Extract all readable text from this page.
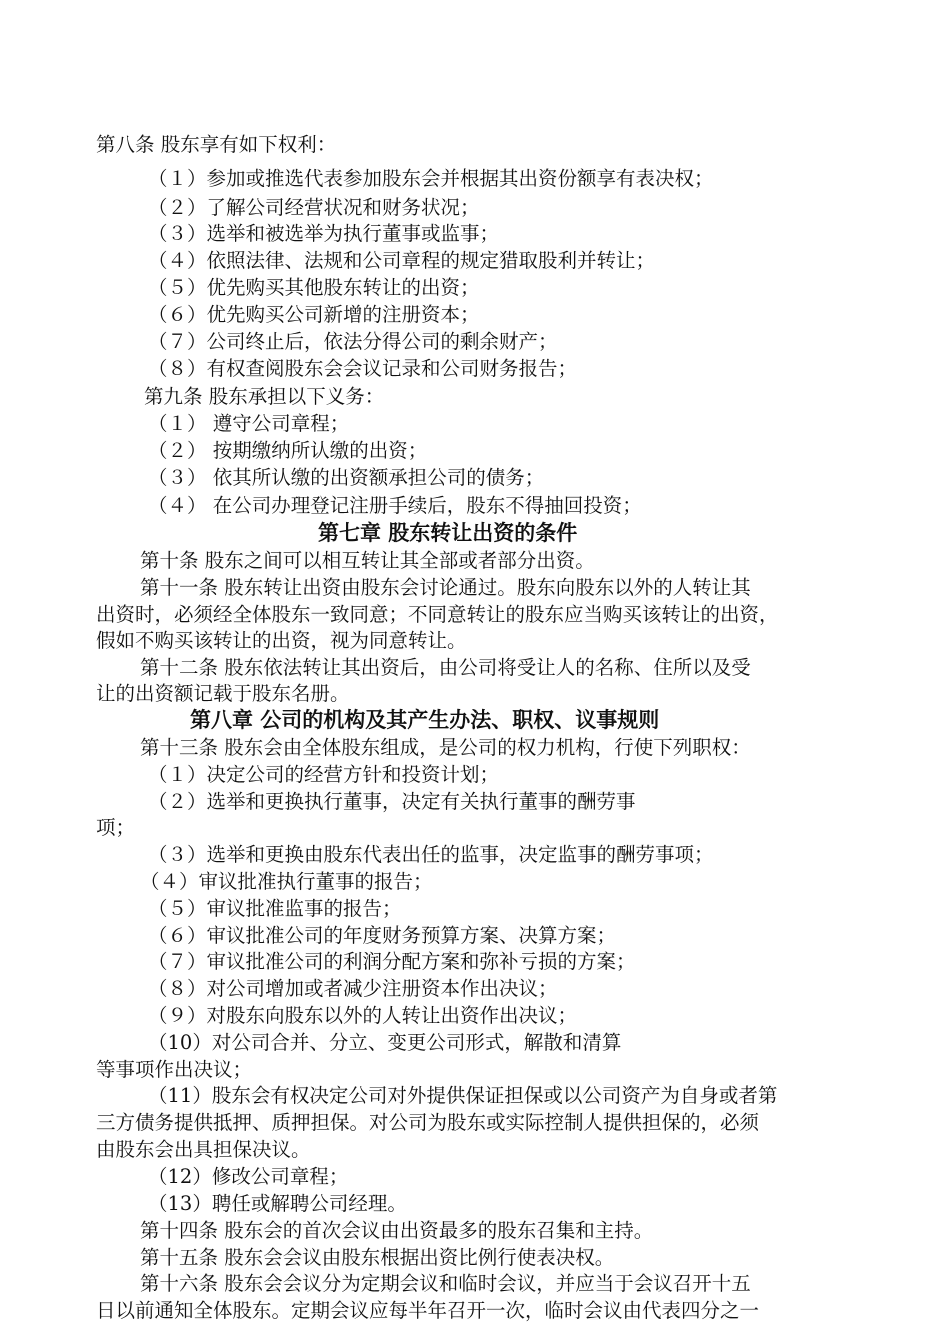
第八条 股东享有如下权利：
（１）参加或推选代表参加股东会并根据其出资份额享有表决权；
（２）了解公司经营状况和财务状况；
（３）选举和被选举为执行董事或监事；
（４）依照法律、法规和公司章程的规定猎取股利并转让；
（５）优先购买其他股东转让的出资；
（６）优先购买公司新增的注册资本；
（７）公司终止后，依法分得公司的剩余财产；
（８）有权查阅股东会会议记录和公司财务报告；
第九条 股东承担以下义务：
（１） 遵守公司章程；
（２） 按期缴纳所认缴的出资；
（３） 依其所认缴的出资额承担公司的债务；
（４） 在公司办理登记注册手续后，股东不得抽回投资；
第七章 股东转让出资的条件
第十条 股东之间可以相互转让其全部或者部分出资。
第十一条 股东转让出资由股东会讨论通过。股东向股东以外的人转让其
出资时，必须经全体股东一致同意；不同意转让的股东应当购买该转让的出资，
假如不购买该转让的出资，视为同意转让。
第十二条 股东依法转让其出资后，由公司将受让人的名称、住所以及受
让的出资额记载于股东名册。
第八章 公司的机构及其产生办法、职权、议事规则
第十三条 股东会由全体股东组成，是公司的权力机构，行使下列职权：
（１）决定公司的经营方针和投资计划；
（２）选举和更换执行董事，决定有关执行董事的酬劳事
项；
（３）选举和更换由股东代表出任的监事，决定监事的酬劳事项；
（４）审议批准执行董事的报告；
（５）审议批准监事的报告；
（６）审议批准公司的年度财务预算方案、决算方案；
（７）审议批准公司的利润分配方案和弥补亏损的方案；
（８）对公司增加或者减少注册资本作出决议；
（９）对股东向股东以外的人转让出资作出决议；
（10）对公司合并、分立、变更公司形式，解散和清算
等事项作出决议；
（11）股东会有权决定公司对外提供保证担保或以公司资产为自身或者第
三方债务提供抵押、质押担保。对公司为股东或实际控制人提供担保的，必须
由股东会出具担保决议。
（12）修改公司章程；
（13）聘任或解聘公司经理。
第十四条 股东会的首次会议由出资最多的股东召集和主持。
第十五条 股东会会议由股东根据出资比例行使表决权。
第十六条 股东会会议分为定期会议和临时会议，并应当于会议召开十五
日以前通知全体股东。定期会议应每半年召开一次，临时会议由代表四分之一
